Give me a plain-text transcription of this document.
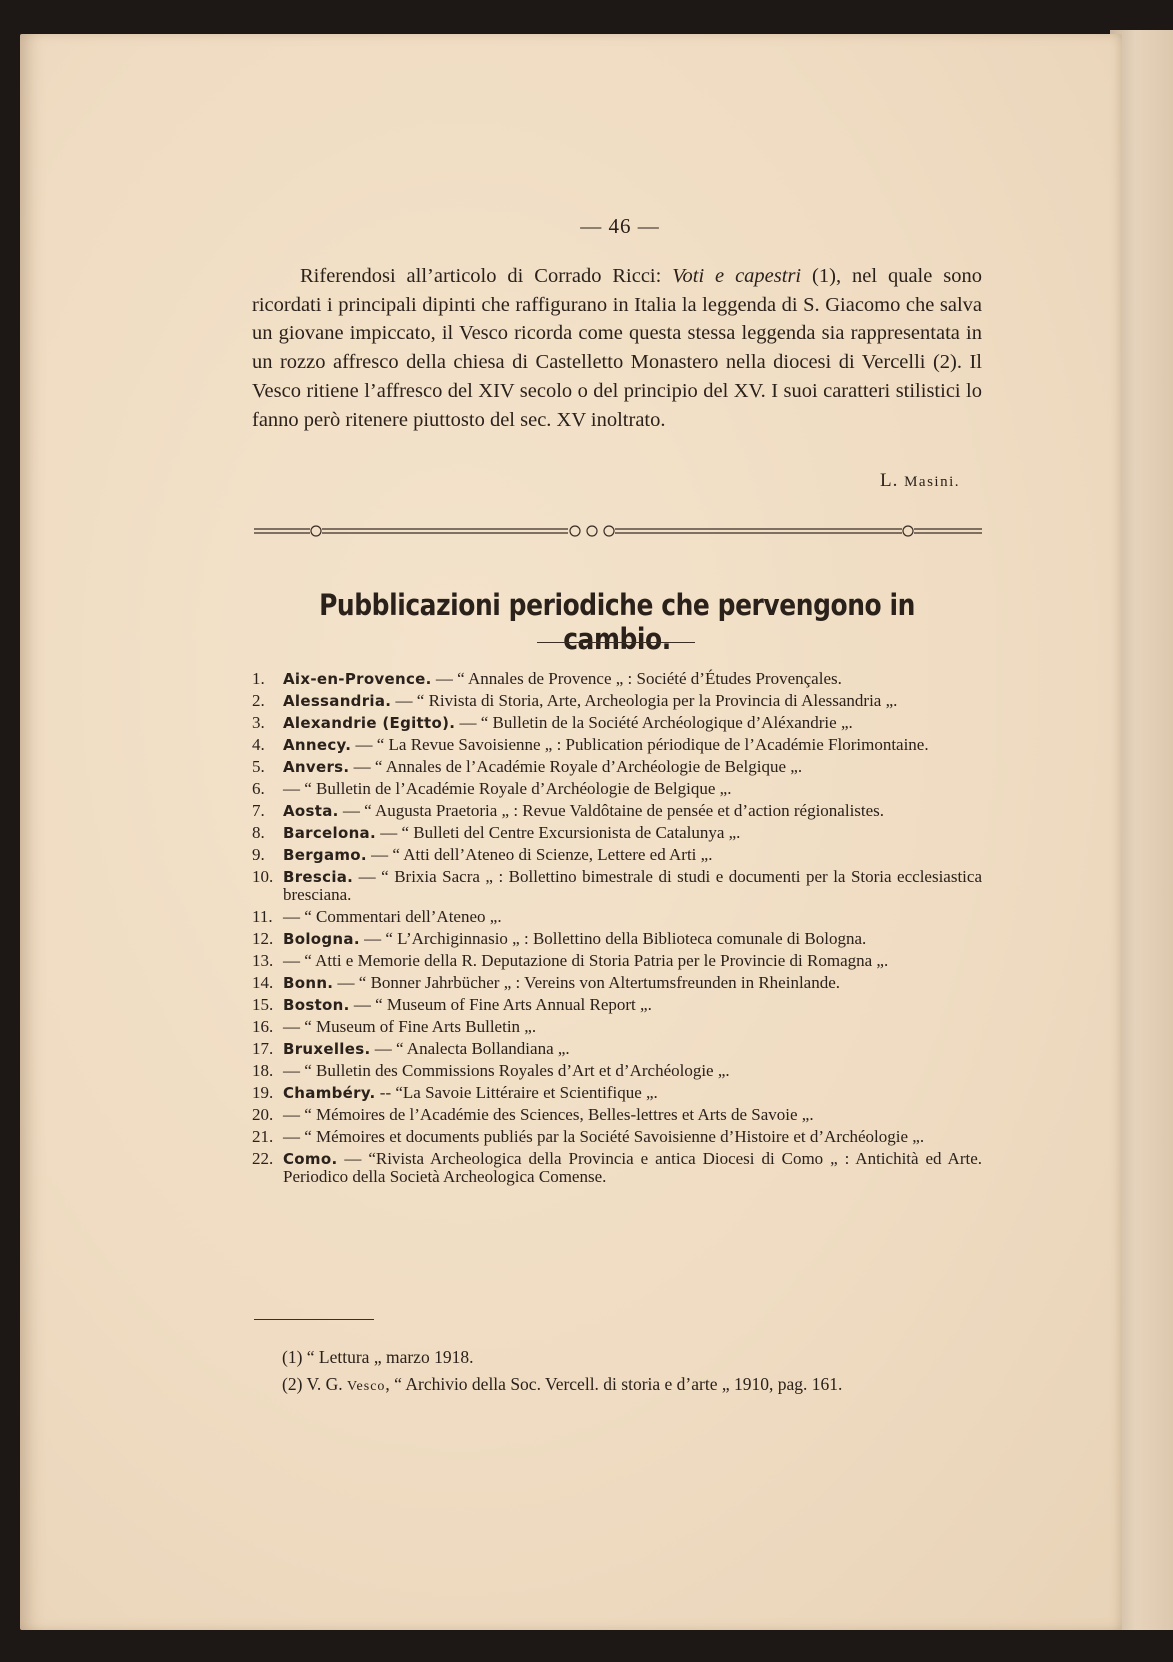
— 46 —

Riferendosi all’articolo di Corrado Ricci: Voti e capestri (1), nel quale sono ricordati i principali dipinti che raffigurano in Italia la leggenda di S. Giacomo che salva un giovane impiccato, il Vesco ricorda come questa stessa leggenda sia rappresentata in un rozzo affresco della chiesa di Castelletto Monastero nella diocesi di Vercelli (2). Il Vesco ritiene l’affresco del XIV secolo o del principio del XV. I suoi caratteri stilistici lo fanno però ritenere piuttosto del sec. XV inoltrato.

L. Masini.
Pubblicazioni periodiche che pervengono in cambio.
1.	Aix-en-Provence. — “ Annales de Provence „ : Société d’Études Provençales.
2.	Alessandria. — “ Rivista di Storia, Arte, Archeologia per la Provincia di Alessandria „.
3.	Alexandrie (Egitto). — “ Bulletin de la Société Archéologique d’Aléxandrie „.
4.	Annecy. — “ La Revue Savoisienne „ : Publication périodique de l’Académie Florimontaine.
5.	Anvers. — “ Annales de l’Académie Royale d’Archéologie de Belgique „.
6.	— “ Bulletin de l’Académie Royale d’Archéologie de Belgique „.
7.	Aosta. — “ Augusta Praetoria „ : Revue Valdôtaine de pensée et d’action régionalistes.
8.	Barcelona. — “ Bulleti del Centre Excursionista de Catalunya „.
9.	Bergamo. — “ Atti dell’Ateneo di Scienze, Lettere ed Arti „.
10. Brescia. — “ Brixia Sacra „ : Bollettino bimestrale di studi e documenti per la Storia ecclesiastica bresciana.
11. — “ Commentari dell’Ateneo „.
12. Bologna. — “ L’Archiginnasio „ : Bollettino della Biblioteca comunale di Bologna.
13. — “ Atti e Memorie della R. Deputazione di Storia Patria per le Provincie di Romagna „.
14. Bonn. — “ Bonner Jahrbücher „ : Vereins von Altertumsfreunden in Rheinlande.
15. Boston. — “ Museum of Fine Arts Annual Report „.
16. — “ Museum of Fine Arts Bulletin „.
17. Bruxelles. — “ Analecta Bollandiana „.
18. — “ Bulletin des Commissions Royales d’Art et d’Archéologie „.
19. Chambéry. -- “La Savoie Littéraire et Scientifique „.
20. — “ Mémoires de l’Académie des Sciences, Belles-lettres et Arts de Savoie „.
21. — “ Mémoires et documents publiés par la Société Savoisienne d’Histoire et d’Archéologie „.
22. Como. — “Rivista Archeologica della Provincia e antica Diocesi di Como „ : Antichità ed Arte. Periodico della Società Archeologica Comense.
(1) “ Lettura „ marzo 1918.
(2) V. G. Vesco, “ Archivio della Soc. Vercell. di storia e d’arte „ 1910, pag. 161.
